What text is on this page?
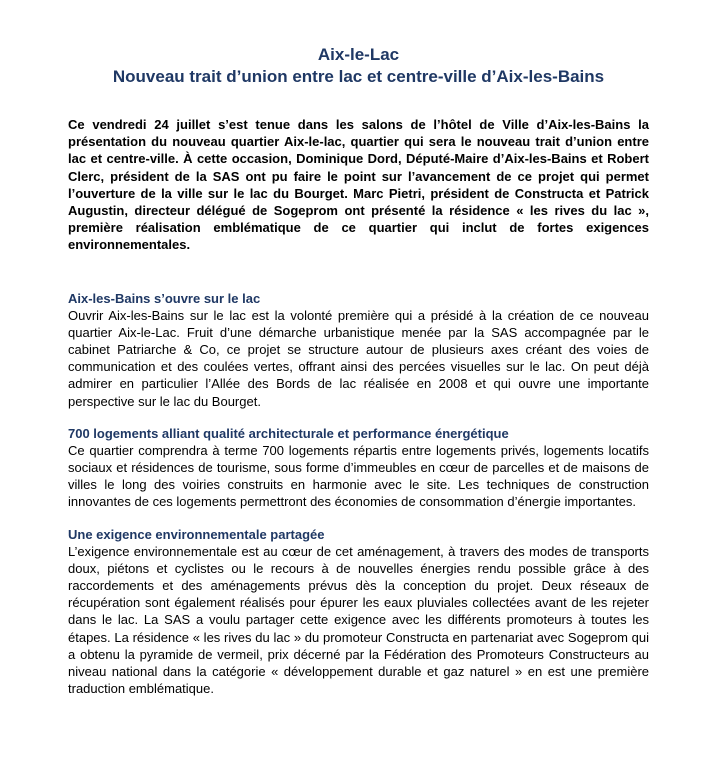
Aix-le-Lac
Nouveau trait d’union entre lac et centre-ville d’Aix-les-Bains
Ce vendredi 24 juillet s’est tenue dans les salons de l’hôtel de Ville d’Aix-les-Bains la présentation du nouveau quartier Aix-le-lac, quartier qui sera le nouveau trait d’union entre lac et centre-ville. À cette occasion, Dominique Dord, Député-Maire d’Aix-les-Bains et Robert Clerc, président de la SAS ont pu faire le point sur l’avancement de ce projet qui permet l’ouverture de la ville sur le lac du Bourget. Marc Pietri, président de Constructa et Patrick Augustin, directeur délégué de Sogeprom ont présenté la résidence « les rives du lac », première réalisation emblématique de ce quartier qui inclut de fortes exigences environnementales.
Aix-les-Bains s’ouvre sur le lac
Ouvrir Aix-les-Bains sur le lac est la volonté première qui a présidé à la création de ce nouveau quartier Aix-le-Lac. Fruit d’une démarche urbanistique menée par la SAS accompagnée par le cabinet Patriarche & Co, ce projet se structure autour de plusieurs axes créant des voies de communication et des coulées vertes, offrant ainsi des percées visuelles sur le lac. On peut déjà admirer en particulier l’Allée des Bords de lac réalisée en 2008 et qui ouvre une importante perspective sur le lac du Bourget.
700 logements alliant qualité architecturale et performance énergétique
Ce quartier comprendra à terme 700 logements répartis entre logements privés, logements locatifs sociaux et résidences de tourisme, sous forme d’immeubles en cœur de parcelles et de maisons de villes le long des voiries construits en harmonie avec le site. Les techniques de construction innovantes de ces logements permettront des économies de consommation d’énergie importantes.
Une exigence environnementale partagée
L’exigence environnementale est au cœur de cet aménagement, à travers des modes de transports doux, piétons et cyclistes ou le recours à de nouvelles énergies rendu possible grâce à des raccordements et des aménagements prévus dès la conception du projet. Deux réseaux de récupération sont également réalisés pour épurer les eaux pluviales collectées avant de les rejeter dans le lac. La SAS a voulu partager cette exigence avec les différents promoteurs à toutes les étapes. La résidence « les rives du lac » du promoteur Constructa en partenariat avec Sogeprom qui a obtenu la pyramide de vermeil, prix décerné par la Fédération des Promoteurs Constructeurs au niveau national dans la catégorie « développement durable et gaz naturel » en est une première traduction emblématique.
